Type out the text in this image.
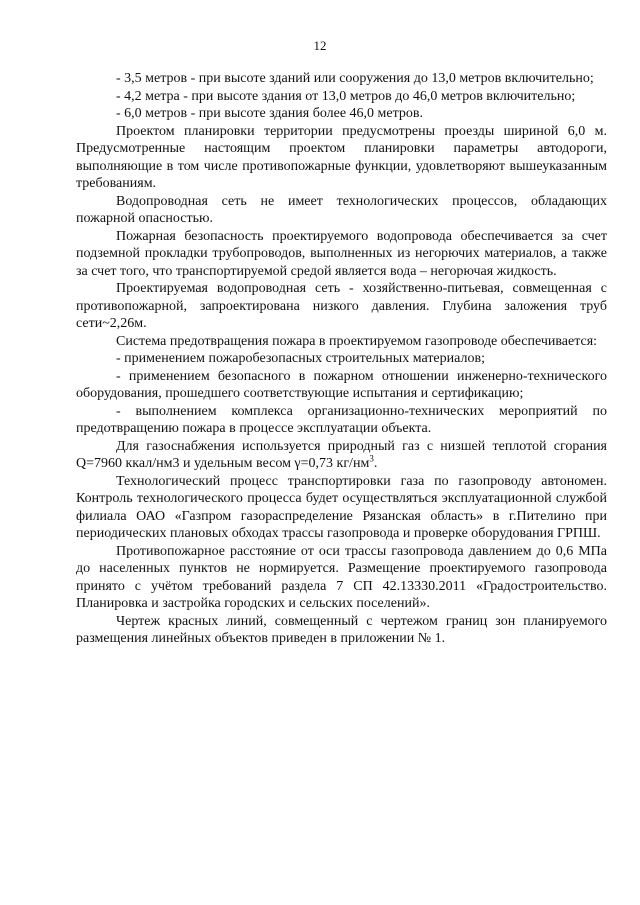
12

- 3,5 метров - при высоте зданий или сооружения до 13,0 метров включительно;

- 4,2 метра - при высоте здания от 13,0 метров до 46,0 метров включительно;

- 6,0 метров - при высоте здания более 46,0 метров.

Проектом планировки территории предусмотрены проезды шириной 6,0 м. Предусмотренные настоящим проектом планировки параметры автодороги, выполняющие в том числе противопожарные функции, удовлетворяют вышеуказанным требованиям.

Водопроводная сеть не имеет технологических процессов, обладающих пожарной опасностью.

Пожарная безопасность проектируемого водопровода обеспечивается за счет подземной прокладки трубопроводов, выполненных из негорючих материалов, а также за счет того, что транспортируемой средой является вода – негорючая жидкость.

Проектируемая водопроводная сеть - хозяйственно-питьевая, совмещенная с противопожарной, запроектирована низкого давления. Глубина заложения труб сети~2,26м.

Система предотвращения пожара в проектируемом газопроводе обеспечивается:

- применением пожаробезопасных строительных материалов;

- применением безопасного в пожарном отношении инженерно-технического оборудования, прошедшего соответствующие испытания и сертификацию;

- выполнением комплекса организационно-технических мероприятий по предотвращению пожара в процессе эксплуатации объекта.

Для газоснабжения используется природный газ с низшей теплотой сгорания Q=7960 ккал/нм3 и удельным весом γ=0,73 $кг/нм^3$.

Технологический процесс транспортировки газа по газопроводу автономен. Контроль технологического процесса будет осуществляться эксплуатационной службой филиала ОАО «Газпром газораспределение Рязанская область» в г.Пителино при периодических плановых обходах трассы газопровода и проверке оборудования ГРПШ.

Противопожарное расстояние от оси трассы газопровода давлением до 0,6 МПа до населенных пунктов не нормируется. Размещение проектируемого газопровода принято с учётом требований раздела 7 СП 42.13330.2011 «Градостроительство. Планировка и застройка городских и сельских поселений».

Чертеж красных линий, совмещенный с чертежом границ зон планируемого размещения линейных объектов приведен в приложении № 1.
